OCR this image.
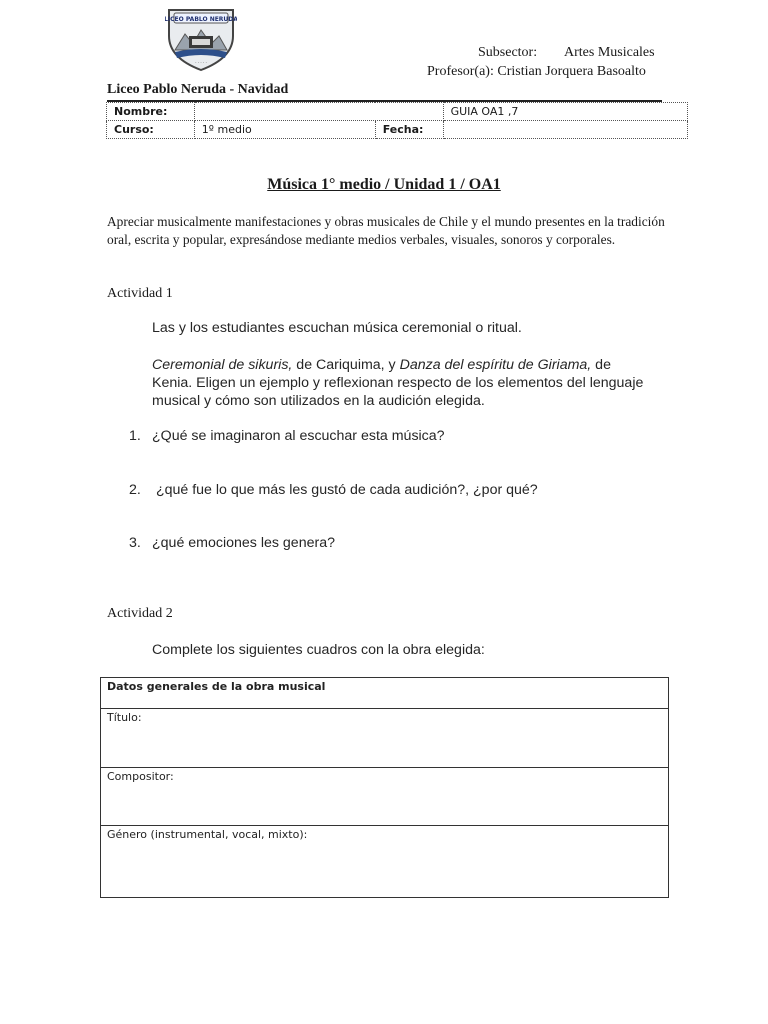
LICEO PABLO NERUDA
· · · · ·
Subsector: Artes Musicales
Profesor(a): Cristian Jorquera Basoalto
Liceo Pablo Neruda - Navidad
Nombre:			GUIA OA1 ,7
Curso:	1º medio	Fecha:	
Música 1° medio / Unidad 1 / OA1
Apreciar musicalmente manifestaciones y obras musicales de Chile y el mundo presentes en la tradición oral, escrita y popular, expresándose mediante medios verbales, visuales, sonoros y corporales.
Actividad 1
Las y los estudiantes escuchan música ceremonial o ritual.
Ceremonial de sikuris, de Cariquima, y Danza del espíritu de Giriama, de Kenia. Eligen un ejemplo y reflexionan respecto de los elementos del lenguaje musical y cómo son utilizados en la audición elegida.
1. ¿Qué se imaginaron al escuchar esta música?
2. ¿qué fue lo que más les gustó de cada audición?, ¿por qué?
3. ¿qué emociones les genera?
Actividad 2
Complete los siguientes cuadros con la obra elegida:
Datos generales de la obra musical
Título:
Compositor:
Género (instrumental, vocal, mixto):
